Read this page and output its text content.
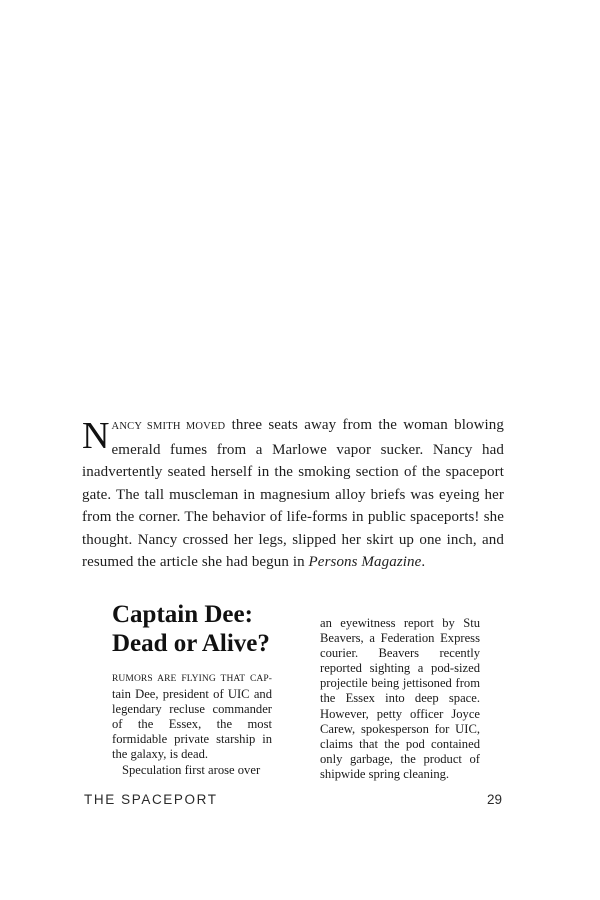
NANCY SMITH MOVED three seats away from the woman blowing emerald fumes from a Marlowe vapor sucker. Nancy had inadvertently seated herself in the smoking section of the spaceport gate. The tall muscleman in magnesium alloy briefs was eyeing her from the corner. The behavior of life-forms in public spaceports! she thought. Nancy crossed her legs, slipped her skirt up one inch, and resumed the article she had begun in Persons Magazine.

Captain Dee: Dead or Alive?

RUMORS ARE FLYING THAT CAP- tain Dee, president of UIC and legendary recluse commander of the Essex, the most formidable private starship in the galaxy, is dead.

Speculation first arose over

an eyewitness report by Stu Beavers, a Federation Express courier. Beavers recently reported sighting a pod-sized projectile being jettisoned from the Essex into deep space. However, petty officer Joyce Carew, spokesperson for UIC, claims that the pod contained only garbage, the product of shipwide spring cleaning.
THE SPACEPORT	29
